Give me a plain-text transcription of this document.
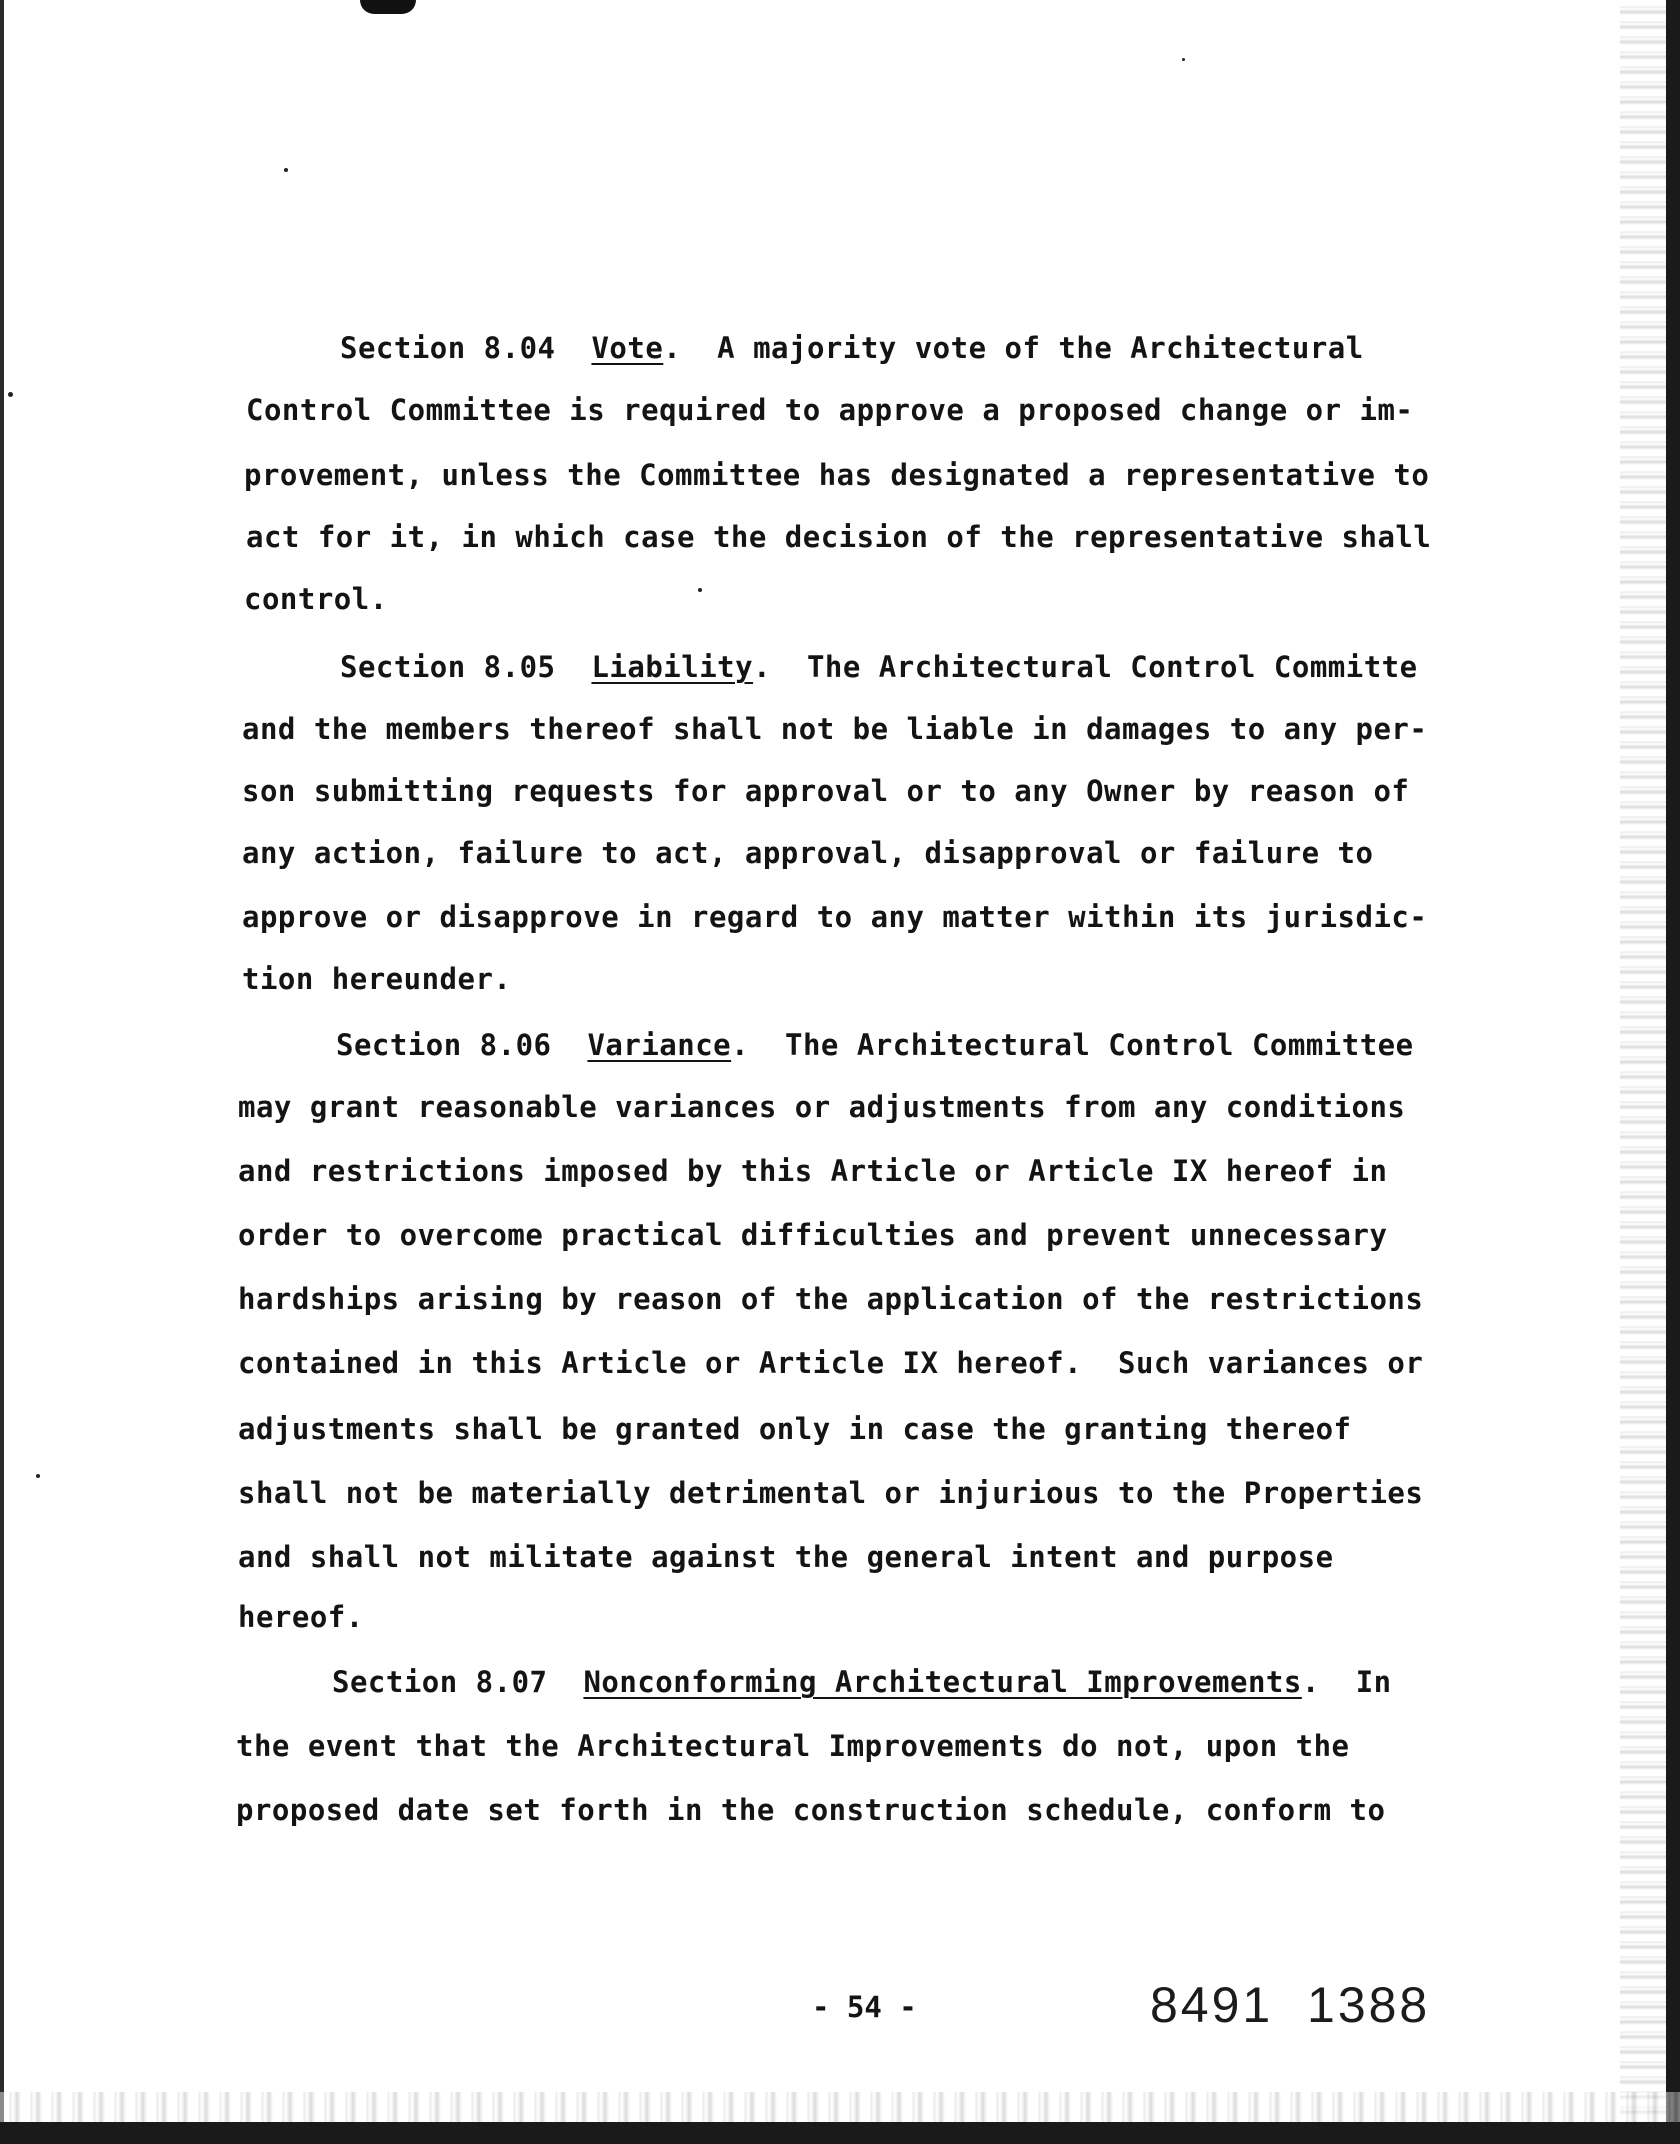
Section 8.04 Vote.  A majority vote of the Architectural
Control Committee is required to approve a proposed change or im-
provement, unless the Committee has designated a representative to
act for it, in which case the decision of the representative shall
control.
Section 8.05 Liability.  The Architectural Control Committe
and the members thereof shall not be liable in damages to any per-
son submitting requests for approval or to any Owner by reason of
any action, failure to act, approval, disapproval or failure to
approve or disapprove in regard to any matter within its jurisdic-
tion hereunder.
Section 8.06 Variance.  The Architectural Control Committee
may grant reasonable variances or adjustments from any conditions
and restrictions imposed by this Article or Article IX hereof in
order to overcome practical difficulties and prevent unnecessary
hardships arising by reason of the application of the restrictions
contained in this Article or Article IX hereof.  Such variances or
adjustments shall be granted only in case the granting thereof
shall not be materially detrimental or injurious to the Properties
and shall not militate against the general intent and purpose
hereof.
Section 8.07 Nonconforming Architectural Improvements.  In
the event that the Architectural Improvements do not, upon the
proposed date set forth in the construction schedule, conform to
- 54 -	8491  1388
